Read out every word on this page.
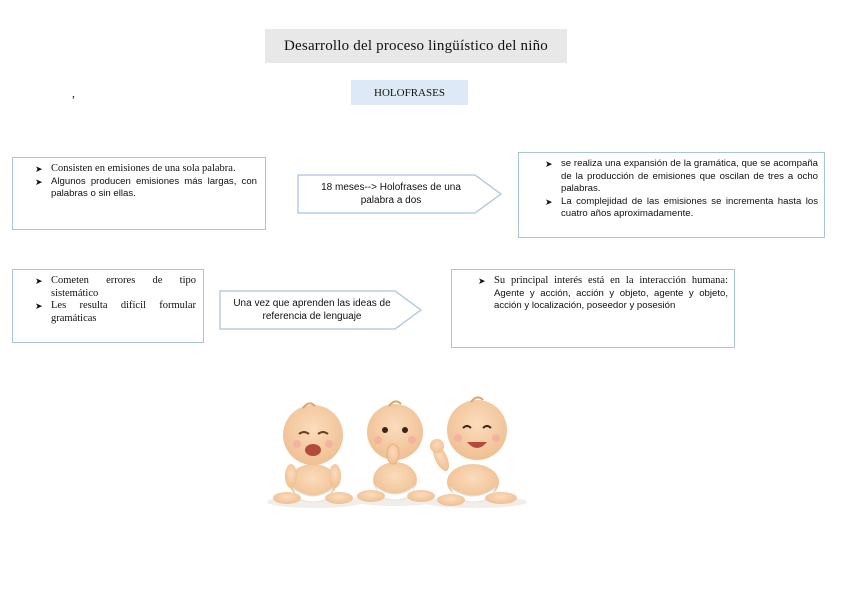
Desarrollo del proceso lingüístico del niño
HOLOFRASES
,
➤ Consisten en emisiones de una sola palabra.
➤ Algunos producen emisiones más largas, con palabras o sin ellas.
18 meses--> Holofrases de una palabra a dos
➤ se realiza una expansión de la gramática, que se acompaña de la producción de emisiones que oscilan de tres a ocho palabras.
➤ La complejidad de las emisiones se incrementa hasta los cuatro años aproximadamente.
➤ Cometen errores de tipo sistemático
➤ Les resulta difícil formular gramáticas
Una vez que aprenden las ideas de referencia de lenguaje
➤ Su principal interés está en la interacción humana: Agente y acción, acción y objeto, agente y objeto, acción y localización, poseedor y posesión
